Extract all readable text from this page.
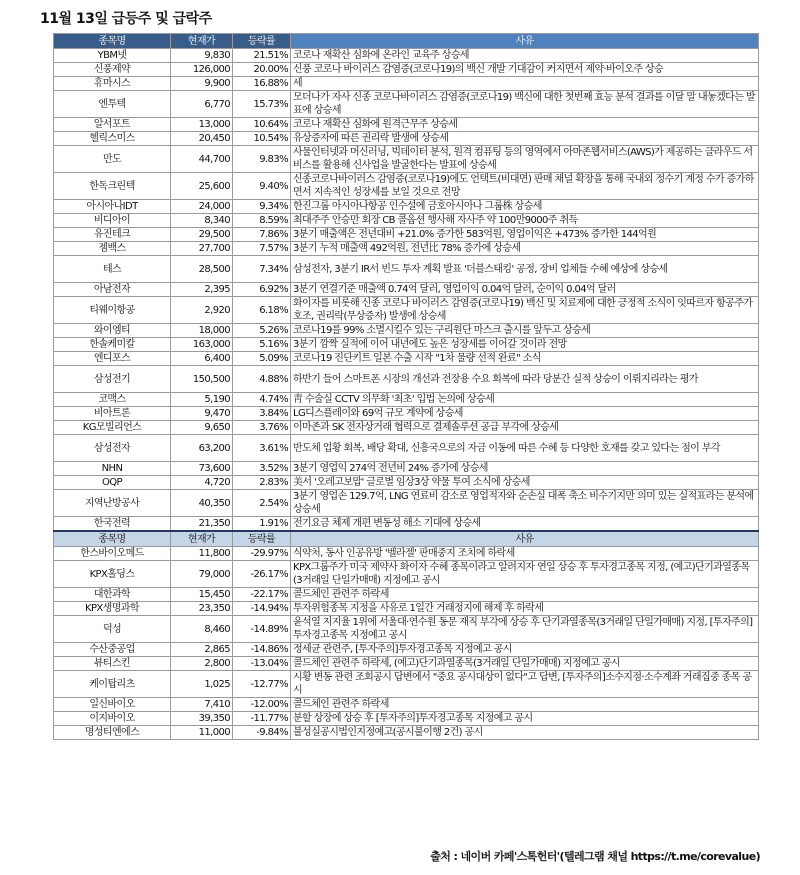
11월 13일 급등주 및 급락주
종목명	현재가	등락률	사유
YBM넷	9,830	21.51%	코로나 재확산 심화에 온라인 교육주 상승세
신풍제약	126,000	20.00%	신풍 코로나 바이러스 감염증(코로나19)의 백신 개발 기대감이 커지면서 제약·바이오주 상승
휴마시스	9,900	16.88%	세
엔투텍	6,770	15.73%	모더나가 자사 신종 코로나바이러스 감염증(코로나19) 백신에 대한 첫번째 효능 분석 결과를 이달 말 내놓겠다는 발표에 상승세
알서포트	13,000	10.64%	코로나 재확산 심화에 원격근무주 상승세
헬릭스미스	20,450	10.54%	유상증자에 따른 권리락 발생에 상승세
만도	44,700	9.83%	사물인터넷과 머신러닝, 빅데이터 분석, 원격 컴퓨팅 등의 영역에서 아마존웹서비스(AWS)가 제공하는 클라우드 서비스를 활용해 신사업을 발굴한다는 발표에 상승세
한독크린텍	25,600	9.40%	신종코로나바이러스 감염증(코로나19)에도 언택트(비대면) 판매 채널 확장을 통해 국내외 정수기 계정 수가 증가하면서 지속적인 성장세를 보일 것으로 전망
아시아나IDT	24,000	9.34%	한진그룹 아시아나항공 인수설에 금호아시아나 그룹株 상승세
비디아이	8,340	8.59%	최대주주 안승만 회장 CB 콜옵션 행사해 자사주 약 100만9000주 취득
유진테크	29,500	7.86%	3분기 매출액은 전년대비 +21.0% 증가한 583억원, 영업이익은 +473% 증가한 144억원
젬백스	27,700	7.57%	3분기 누적 매출액 492억원, 전년比 78% 증가에 상승세
테스	28,500	7.34%	삼성전자, 3분기 IR서 빈드 투자 계획 발표 '더블스태킹' 공정, 장비 업체들 수혜 예상에 상승세
아남전자	2,395	6.92%	3분기 연결기준 매출액 0.74억 달러, 영업이익 0.04억 달러, 순이익 0.04억 달러
티웨이항공	2,920	6.18%	화이자를 비롯해 신종 코로나 바이러스 감염증(코로나19) 백신 및 치료제에 대한 긍정적 소식이 잇따르자 항공주가 호조, 권리락(무상증자) 발생에 상승세
와이엠티	18,000	5.26%	코로나19를 99% 소멸시킬수 있는 구리원단 마스크 출시를 앞두고 상승세
한솔케미칼	163,000	5.16%	3분기 깜짝 실적에 이어 내년에도 높은 성장세를 이어갈 것이라 전망
엔디포스	6,400	5.09%	코로나19 진단키트 일본 수출 시작 "1차 물량 선적 완료" 소식
삼성전기	150,500	4.88%	하반기 들어 스마트폰 시장의 개선과 전장용 수요 회복에 따라 당분간 실적 상승이 이뤄지리라는 평가
코맥스	5,190	4.74%	靑 수술실 CCTV 의무화 '최초' 입법 논의에 상승세
비아트론	9,470	3.84%	LG디스플레이와 69억 규모 계약에 상승세
KG모빌리언스	9,650	3.76%	이마존과 SK 전자상거래 협력으로 결제솔루션 공급 부각에 상승세
삼성전자	63,200	3.61%	반도체 업황 회복, 배당 확대, 신흥국으로의 자금 이동에 따른 수혜 등 다양한 호재를 갖고 있다는 점이 부각
NHN	73,600	3.52%	3분기 영업익 274억 전년비 24% 증가에 상승세
OQP	4,720	2.83%	美서 '오레고보맙' 글로벌 임상3상 약물 투여 소식에 상승세
지역난방공사	40,350	2.54%	3분기 영업손 129.7억, LNG 연료비 감소로 영업적자와 순손실 대폭 축소 비수기지만 의미 있는 실적표라는 분석에 상승세
한국전력	21,350	1.91%	전기요금 체제 개편 변동성 해소 기대에 상승세
종목명	현재가	등락률	사유
한스바이오메드	11,800	-29.97%	식약처, 동사 인공유방 '벨라젤' 판매중지 조치에 하락세
KPX홀딩스	79,000	-26.17%	KPX그룹주가 미국 제약사 화이자 수혜 종목이라고 알려지자 연일 상승 후 투자경고종목 지정, (예고)단기과열종목(3거래일 단일가매매) 지정예고 공시
대한과학	15,450	-22.17%	콜드체인 관련주 하락세
KPX생명과학	23,350	-14.94%	투자위험종목 지정을 사유로 1일간 거래정지에 해제 후 하락세
덕성	8,460	-14.89%	윤석열 지지율 1위에 서울대·연수원 동문 재직 부각에 상승 후 단기과열종목(3거래일 단일가매매) 지정, [투자주의]투자경고종목 지정예고 공시
수산중공업	2,865	-14.86%	정세균 관련주, [투자주의]투자경고종목 지정예고 공시
뷰티스킨	2,800	-13.04%	콜드체인 관련주 하락세, (예고)단기과열종목(3거래일 단일가매매) 지정예고 공시
케이탑리츠	1,025	-12.77%	시황 변동 관련 조회공시 답변에서 "중요 공시대상이 없다"고 답변, [투자주의]소수지점·소수계좌 거래집중 종목 공시
일신바이오	7,410	-12.00%	콜드체인 관련주 하락세
이지바이오	39,350	-11.77%	분할 상장에 상승 후 [투자주의]투자경고종목 지정예고 공시
명성티엔에스	11,000	-9.84%	불성실공시법인지정예고(공시불이행 2건) 공시
출처 : 네이버 카페'스톡헌터'(텔레그램 채널 https://t.me/corevalue)
